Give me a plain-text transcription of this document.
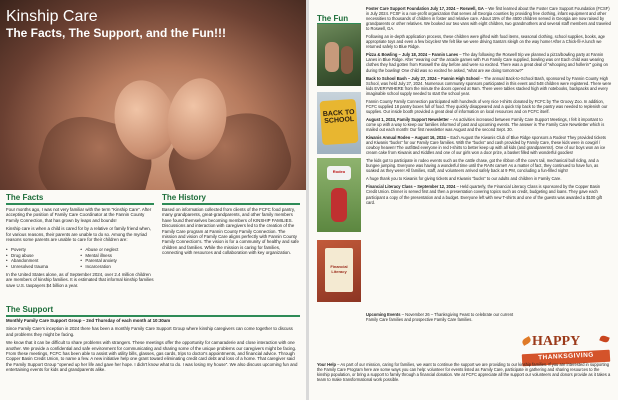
Kinship Care
The Facts, The Support, and the Fun!!!
The Facts

Four months ago, I was not very familiar with the term “Kinship Care”. After accepting the position of Family Care Coordinator at the Fannin County Family Connection, that has grown by leaps and bounds!

Kinship care is when a child is cared for by a relative or family friend when, for various reasons, their parents are unable to do so. Among the myriad reasons some parents are unable to care for their children are:

• Poverty	• Abuse or neglect
• Drug abuse	• Mental illness
• Abandonment	• Parental anxiety
• Unresolved trauma	• Incarceration

In the United States alone, as of September 2024, over 2.4 million children are members of kinship families. It is estimated that informal kinship families save U.S. taxpayers $4 billion a year.

The History

Based on information collected from clients of the FCFC food pantry, many grandparents, great-grandparents, and other family members have found themselves becoming members of KINSHIP FAMILIES. Discussions and interaction with caregivers led to the creation of the Family Care program at Fannin County Family Connection. The mission and vision of Family Care aligns perfectly with Fannin County Family Connection's. The vision is for a community of healthy and safe children and families. While the mission is caring for families, connecting with resources and collaboration with key organization.

The Support

Monthly Family Care Support Group – 2nd Thursday of each month at 10:30am

Since Family Care's inception in 2024 there has been a monthly Family Care Support Group where kinship caregivers can come together to discuss and problems they might be facing.

We know that it can be difficult to share problems with strangers. These meetings offer the opportunity for camaraderie and close interaction with one another. We provide a confidential and safe environment for communicating and sharing some of the unique problems our caregivers might be facing. From these meetings, FCFC has been able to assist with utility bills, glasses, gas cards, trips to doctor's appointments, and financial advice. Through Copper Basin Credit Union, to name a few. A new initiative help one grant toward eliminating credit card debt and loss of a home. That caregiver said the Family Support Group “opened up her life and gave her hope. I didn't know what to do. I was losing my house”. We also discuss upcoming fun and entertaining events for kids and grandparents alike.

The Fun
BACK TO SCHOOL
Rodeo
Financial Literacy

Foster Care Support Foundation July 17, 2024 – Roswell, GA – We first learned about the Foster Care Support Foundation (FCSF) in July 2024. FCSF is a non-profit organization that serves all Georgia counties by providing free clothing, infant equipment and other necessities to thousands of children in foster and relative care. About 15% of the 4500 children served in Georgia are now raised by grandparents or other relatives. We booked our two vans with eight children, two grandmothers and several staff members and traveled to Roswell, GA.

Following an in-depth application process, these children were gifted with food items, seasonal clothing, school supplies, books, age appropriate toys and even a few bicycles! We felt like we were driving Santa's sleigh on the way home! After a Chick-fil-A lunch we returned safely to Blue Ridge.

Pizza & Bowling – July 18, 2024 – Fannin Lanes – The day following the Roswell trip we planned a pizza/bowling party at Fannin Lanes in Blue Ridge. After “wearing out” the arcade games with Fun Family Care supplied, bowling was on! Each child was wearing clothes they had gotten from Roswell the day before and were so excited. There was a great deal of “whooping and hollerin'” going on during the bowling! One child was so excited he asked, “what are we doing tomorrow?”

Back to School Bash – July 27, 2024 – Fannin High School – The annual Back-to-School Bash, sponsored by Fannin County High School, was held July 27, 2024. Numerous community sponsors participated in this event and 548 children were registered. There were kids EVERYWHERE from the minute the doors opened at 9am. There were tables stacked high with notebooks, backpacks and every imaginable school supply needed to start the school year.

Fannin County Family Connection participated with hundreds of very nice t-shirts donated by FCFC by The Groovy Zoo. In addition, FCFC supplied 18 pantry boxes full of food. They quickly disappeared and a quick trip back to the pantry was needed to replenish our supplies. Our inside booth provided a great deal of information on local resources and on FCFC itself.

August 1, 2024, Family Support Newsletter – As activities increased between Family Care Support Meetings, I felt it important to come up with a way to keep our families informed of past and upcoming events. The answer is The Family Care Newsletter which is mailed out each month! Our first newsletter was August and the second Sept. 30.

Kiwanis Annual Rodeo – August 16, 2024 – Each August the Kiwanis Club of Blue Ridge sponsors a Rodeo! They provided tickets and Kiwanis “bucks” for our Family Care families. With the “bucks” and cash provided by Family Care, these kids were in cowgirl / cowboy heaven! The outfitted everyone in red t-shirts to better keep up with all kids (and grandparents!). One of our boys won an ice cream cake from Kiwanis and Kiddles and one of our girls won a door prize, a basket filled with wonderful goodies!

The kids got to participate in rodeo events such as the cattle chase, got the ribbon off the cow's tail, mechanical bull riding, and a bungee jumping. Everyone was having a wonderful time until the RAIN came!! As a matter of fact, they continued to have fun, as soaked as they were! All families, staff, and volunteers arrived safely back at 9 PM, concluding a fun-filled night!

A huge thank you to Kiwanis for giving tickets and Kiwanis “bucks” to our adults and children in Family Care.

Financial Literacy Class – September 12, 2024 – Held quarterly, the Financial Literacy Class is sponsored by the Copper Basin Credit Union. Dinner is served first and then a presentation covering topics such as credit, budgeting and loans. They gave each participant a copy of the presentation and a budget. Everyone left with new T-shirts and one of the guests was awarded a $100 gift card.

Upcoming Events – November 26 – Thanksgiving Feast to celebrate our current Family Care families and prospective Family Care families.

HAPPY
THANKSGIVING

Your Help – As part of our mission, caring for families, we want to continue the support we are providing to our kinship families. If you are interested in supporting the Family Care Program here are some ways you can help: volunteer for events listed as Family Care, participate in gathering and sharing resources to the kinship population, or bring a support to family through a financial donation. We at FCFC appreciate all the support our volunteers and donors provide as it takes a team to make transformational work possible.
